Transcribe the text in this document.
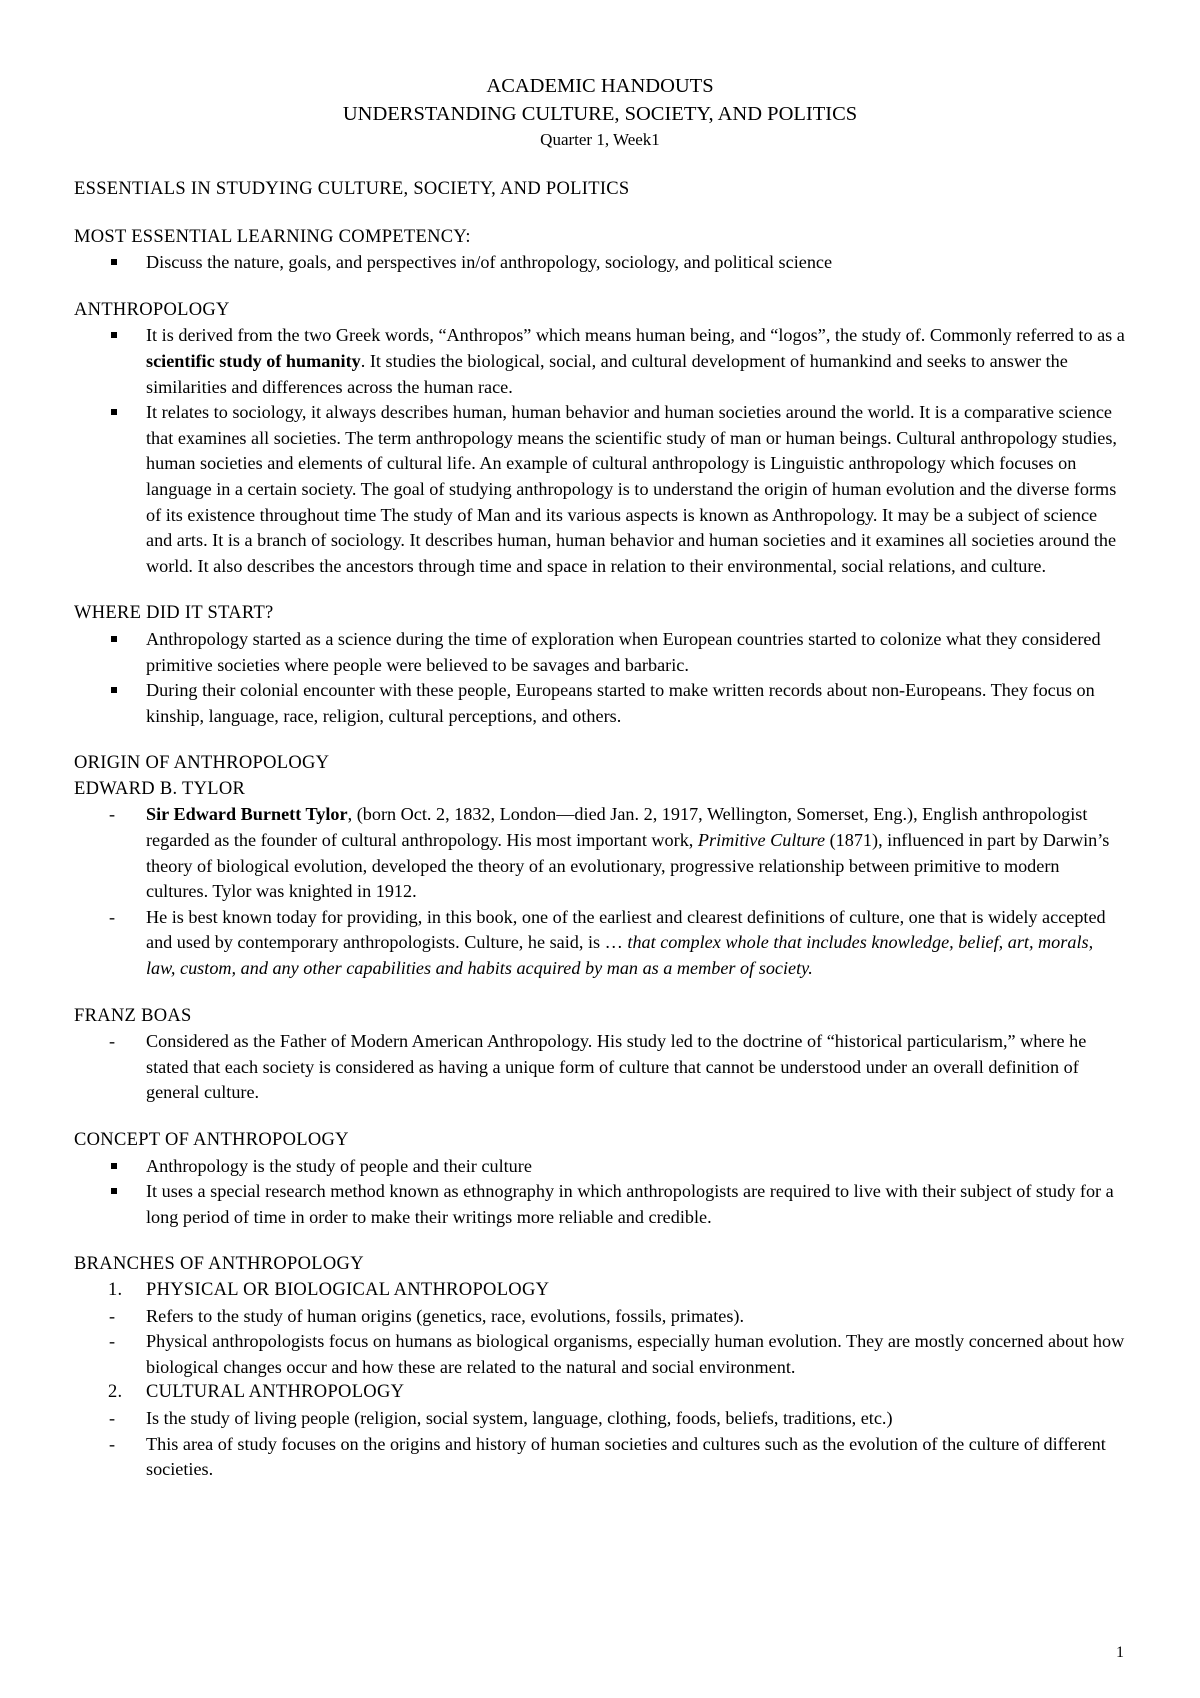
ACADEMIC HANDOUTS
UNDERSTANDING CULTURE, SOCIETY, AND POLITICS
Quarter 1, Week1
ESSENTIALS IN STUDYING CULTURE, SOCIETY, AND POLITICS
MOST ESSENTIAL LEARNING COMPETENCY:
Discuss the nature, goals, and perspectives in/of anthropology, sociology, and political science
ANTHROPOLOGY
It is derived from the two Greek words, “Anthropos” which means human being, and “logos”, the study of. Commonly referred to as a scientific study of humanity. It studies the biological, social, and cultural development of humankind and seeks to answer the similarities and differences across the human race.
It relates to sociology, it always describes human, human behavior and human societies around the world. It is a comparative science that examines all societies. The term anthropology means the scientific study of man or human beings. Cultural anthropology studies, human societies and elements of cultural life. An example of cultural anthropology is Linguistic anthropology which focuses on language in a certain society. The goal of studying anthropology is to understand the origin of human evolution and the diverse forms of its existence throughout time The study of Man and its various aspects is known as Anthropology. It may be a subject of science and arts. It is a branch of sociology. It describes human, human behavior and human societies and it examines all societies around the world. It also describes the ancestors through time and space in relation to their environmental, social relations, and culture.
WHERE DID IT START?
Anthropology started as a science during the time of exploration when European countries started to colonize what they considered primitive societies where people were believed to be savages and barbaric.
During their colonial encounter with these people, Europeans started to make written records about non-Europeans. They focus on kinship, language, race, religion, cultural perceptions, and others.
ORIGIN OF ANTHROPOLOGY
EDWARD B. TYLOR
-	Sir Edward Burnett Tylor, (born Oct. 2, 1832, London—died Jan. 2, 1917, Wellington, Somerset, Eng.), English anthropologist regarded as the founder of cultural anthropology. His most important work, Primitive Culture (1871), influenced in part by Darwin’s theory of biological evolution, developed the theory of an evolutionary, progressive relationship between primitive to modern cultures. Tylor was knighted in 1912.
-	He is best known today for providing, in this book, one of the earliest and clearest definitions of culture, one that is widely accepted and used by contemporary anthropologists. Culture, he said, is … that complex whole that includes knowledge, belief, art, morals, law, custom, and any other capabilities and habits acquired by man as a member of society.
FRANZ BOAS
-	Considered as the Father of Modern American Anthropology. His study led to the doctrine of “historical particularism,” where he stated that each society is considered as having a unique form of culture that cannot be understood under an overall definition of general culture.
CONCEPT OF ANTHROPOLOGY
Anthropology is the study of people and their culture
It uses a special research method known as ethnography in which anthropologists are required to live with their subject of study for a long period of time in order to make their writings more reliable and credible.
BRANCHES OF ANTHROPOLOGY
1. PHYSICAL OR BIOLOGICAL ANTHROPOLOGY
-	Refers to the study of human origins (genetics, race, evolutions, fossils, primates).
-	Physical anthropologists focus on humans as biological organisms, especially human evolution. They are mostly concerned about how biological changes occur and how these are related to the natural and social environment.
2. CULTURAL ANTHROPOLOGY
-	Is the study of living people (religion, social system, language, clothing, foods, beliefs, traditions, etc.)
-	This area of study focuses on the origins and history of human societies and cultures such as the evolution of the culture of different societies.
1
